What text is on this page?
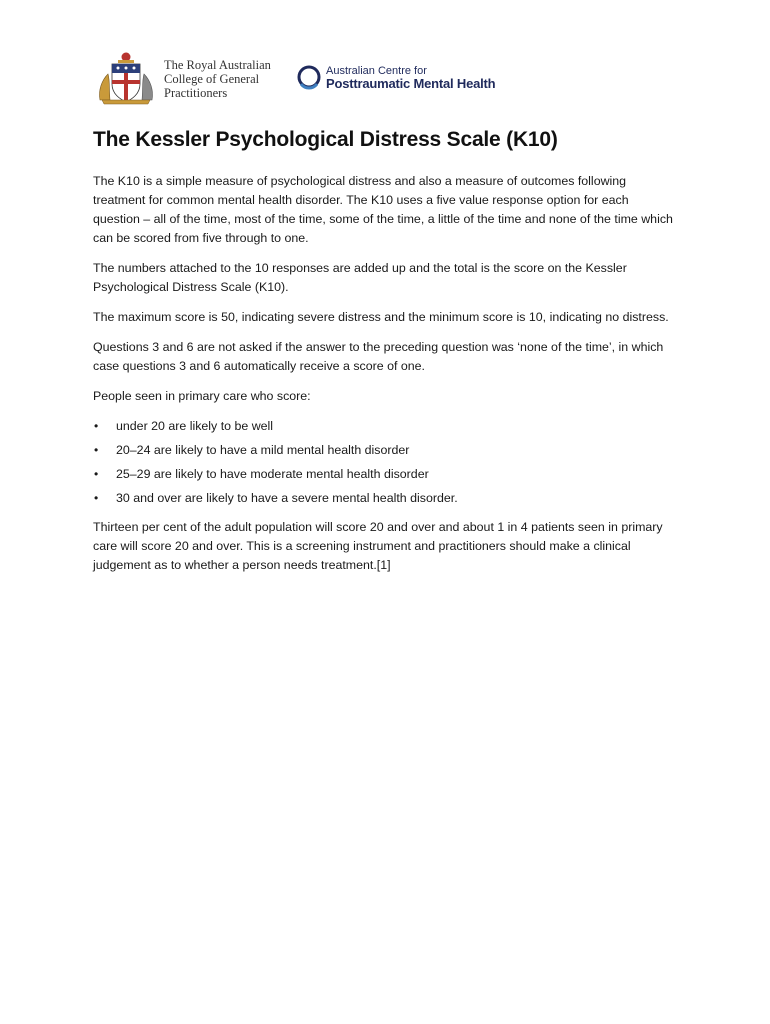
The Royal Australian
College of General
Practitioners
Australian Centre for
Posttraumatic Mental Health
The Kessler Psychological Distress Scale (K10)

The K10 is a simple measure of psychological distress and also a measure of outcomes following treatment for common mental health disorder. The K10 uses a five value response option for each question – all of the time, most of the time, some of the time, a little of the time and none of the time which can be scored from five through to one.

The numbers attached to the 10 responses are added up and the total is the score on the Kessler Psychological Distress Scale (K10).

The maximum score is 50, indicating severe distress and the minimum score is 10, indicating no distress.

Questions 3 and 6 are not asked if the answer to the preceding question was ‘none of the time’, in which case questions 3 and 6 automatically receive a score of one.

People seen in primary care who score:

• under 20 are likely to be well
• 20–24 are likely to have a mild mental health disorder
• 25–29 are likely to have moderate mental health disorder
• 30 and over are likely to have a severe mental health disorder.

Thirteen per cent of the adult population will score 20 and over and about 1 in 4 patients seen in primary care will score 20 and over. This is a screening instrument and practitioners should make a clinical judgement as to whether a person needs treatment.[1]
